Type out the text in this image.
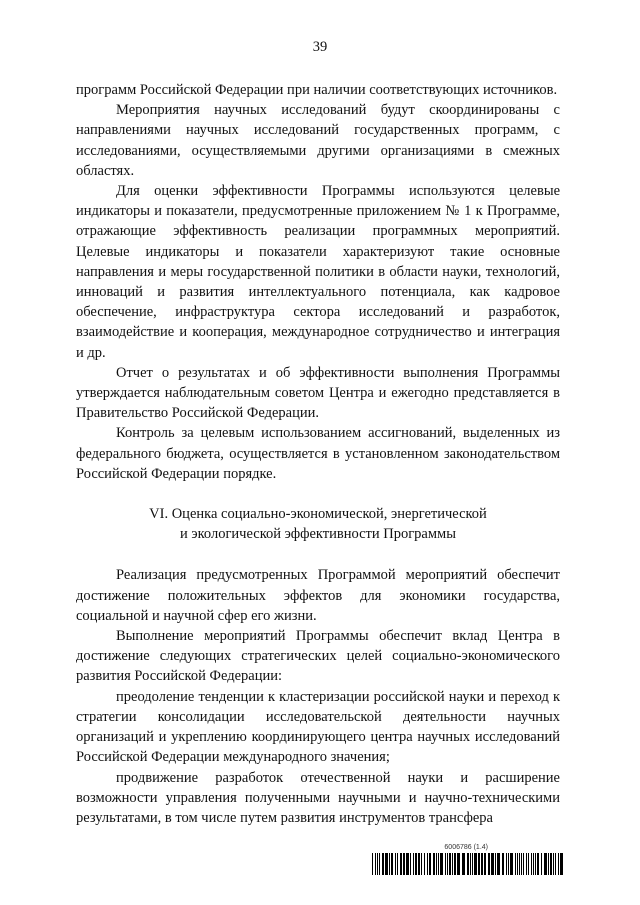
39

программ Российской Федерации при наличии соответствующих источников.

Мероприятия научных исследований будут скоординированы с направлениями научных исследований государственных программ, с исследованиями, осуществляемыми другими организациями в смежных областях.

Для оценки эффективности Программы используются целевые индикаторы и показатели, предусмотренные приложением № 1 к Программе, отражающие эффективность реализации программных мероприятий. Целевые индикаторы и показатели характеризуют такие основные направления и меры государственной политики в области науки, технологий, инноваций и развития интеллектуального потенциала, как кадровое обеспечение, инфраструктура сектора исследований и разработок, взаимодействие и кооперация, международное сотрудничество и интеграция и др.

Отчет о результатах и об эффективности выполнения Программы утверждается наблюдательным советом Центра и ежегодно представляется в Правительство Российской Федерации.

Контроль за целевым использованием ассигнований, выделенных из федерального бюджета, осуществляется в установленном законодательством Российской Федерации порядке.

VI. Оценка социально-экономической, энергетической
и экологической эффективности Программы

Реализация предусмотренных Программой мероприятий обеспечит достижение положительных эффектов для экономики государства, социальной и научной сфер его жизни.

Выполнение мероприятий Программы обеспечит вклад Центра в достижение следующих стратегических целей социально-экономического развития Российской Федерации:

преодоление тенденции к кластеризации российской науки и переход к стратегии консолидации исследовательской деятельности научных организаций и укреплению координирующего центра научных исследований Российской Федерации международного значения;

продвижение разработок отечественной науки и расширение возможности управления полученными научными и научно-техническими результатами, в том числе путем развития инструментов трансфера

6006786 (1.4)
